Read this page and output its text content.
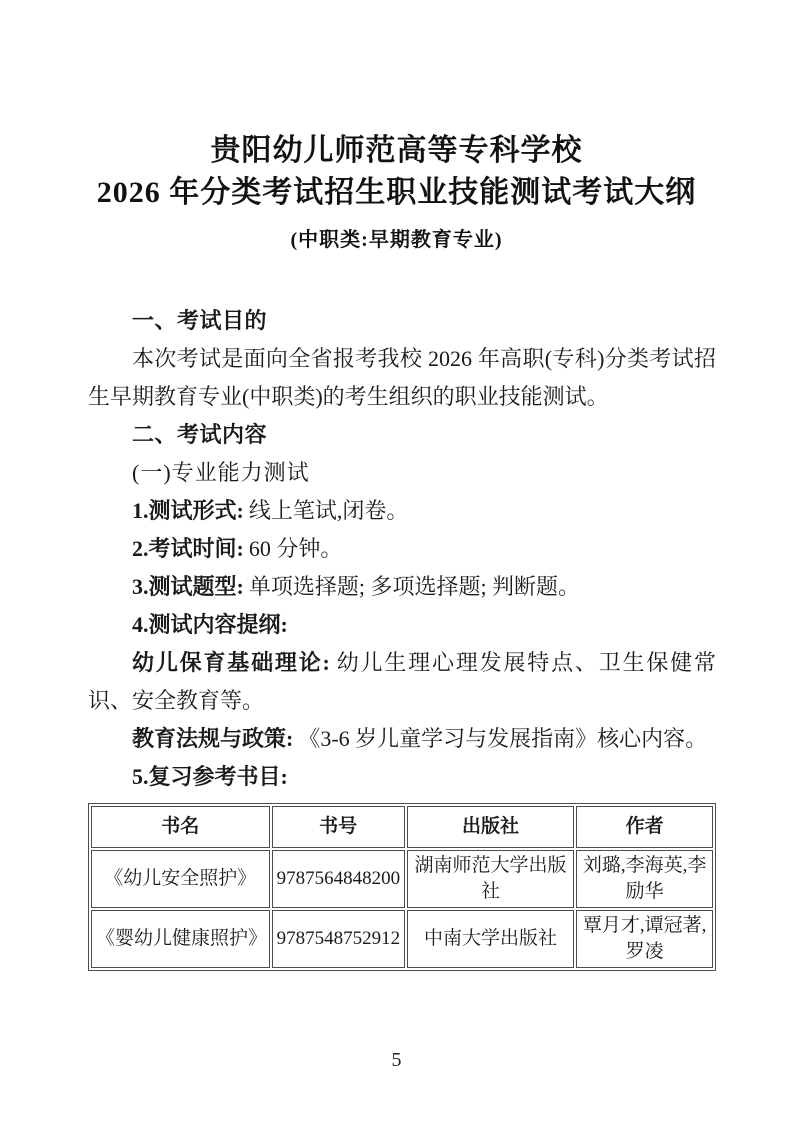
贵阳幼儿师范高等专科学校
2026 年分类考试招生职业技能测试考试大纲
(中职类:早期教育专业)

一、考试目的

本次考试是面向全省报考我校 2026 年高职(专科)分类考试招生早期教育专业(中职类)的考生组织的职业技能测试。

二、考试内容

(一)专业能力测试

1.测试形式: 线上笔试,闭卷。

2.考试时间: 60 分钟。

3.测试题型: 单项选择题; 多项选择题; 判断题。

4.测试内容提纲:

幼儿保育基础理论: 幼儿生理心理发展特点、卫生保健常识、安全教育等。

教育法规与政策: 《3-6 岁儿童学习与发展指南》核心内容。

5.复习参考书目:

书名	书号	出版社	作者
《幼儿安全照护》	9787564848200	湖南师范大学出版社	刘璐,李海英,李励华
《婴幼儿健康照护》	9787548752912	中南大学出版社	覃月才,谭冠著,罗凌
5
